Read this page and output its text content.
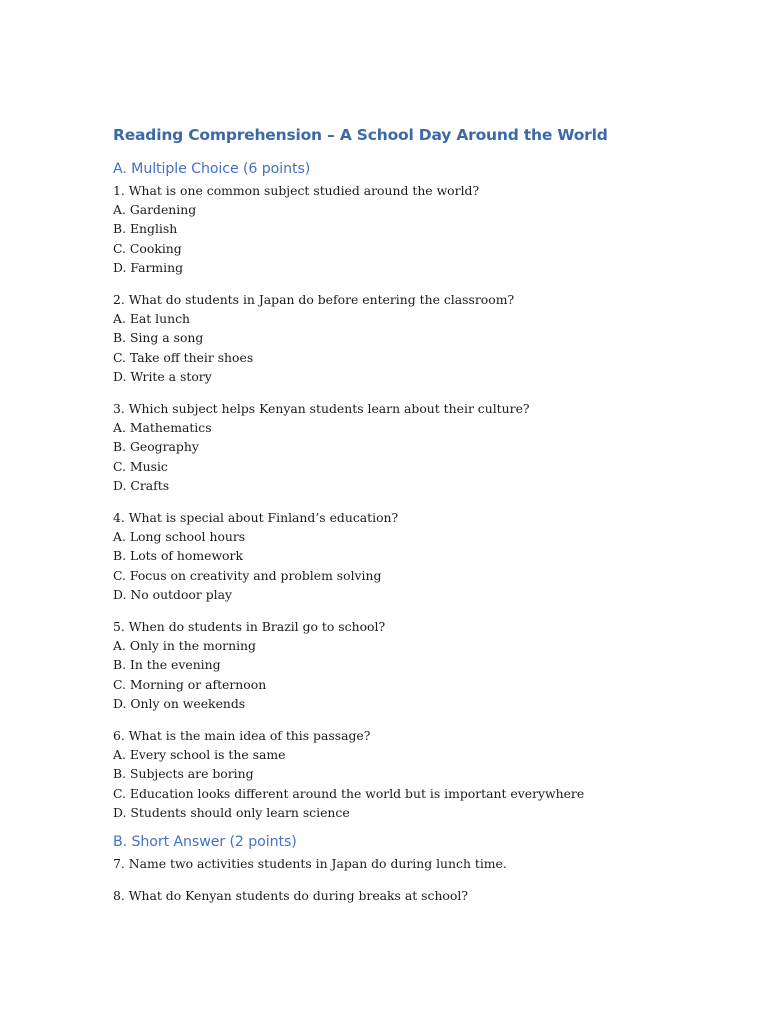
Reading Comprehension – A School Day Around the World
A. Multiple Choice (6 points)
1. What is one common subject studied around the world?
A. Gardening
B. English
C. Cooking
D. Farming
2. What do students in Japan do before entering the classroom?
A. Eat lunch
B. Sing a song
C. Take off their shoes
D. Write a story
3. Which subject helps Kenyan students learn about their culture?
A. Mathematics
B. Geography
C. Music
D. Crafts
4. What is special about Finland’s education?
A. Long school hours
B. Lots of homework
C. Focus on creativity and problem solving
D. No outdoor play
5. When do students in Brazil go to school?
A. Only in the morning
B. In the evening
C. Morning or afternoon
D. Only on weekends
6. What is the main idea of this passage?
A. Every school is the same
B. Subjects are boring
C. Education looks different around the world but is important everywhere
D. Students should only learn science
B. Short Answer (2 points)
7. Name two activities students in Japan do during lunch time.
8. What do Kenyan students do during breaks at school?
